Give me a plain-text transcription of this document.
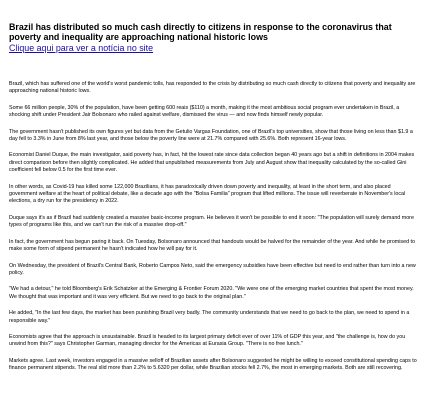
Brazil has distributed so much cash directly to citizens in response to the coronavirus that poverty and inequality are approaching national historic lows
Clique aqui para ver a notícia no site

Brazil, which has suffered one of the world's worst pandemic tolls, has responded to the crisis by distributing so much cash directly to citizens that poverty and inequality are approaching national historic lows.

Some 66 million people, 30% of the population, have been getting 600 reais ($110) a month, making it the most ambitious social program ever undertaken in Brazil, a shocking shift under President Jair Bolsonaro who railed against welfare, dismissed the virus — and now finds himself newly popular.

The government hasn't published its own figures yet but data from the Getulio Vargas Foundation, one of Brazil's top universities, show that those living on less than $1.9 a day fell to 3.3% in June from 8% last year, and those below the poverty line were at 21.7% compared with 25.6%. Both represent 16-year lows.

Economist Daniel Duque, the main investigator, said poverty has, in fact, hit the lowest rate since data collection began 40 years ago but a shift in definitions in 2004 makes direct comparison before then slightly complicated. He added that unpublished measurements from July and August show that inequality calculated by the so-called Gini coefficient fell below 0.5 for the first time ever.

In other words, as Covid-19 has killed some 122,000 Brazilians, it has paradoxically driven down poverty and inequality, at least in the short term, and also placed government welfare at the heart of political debate, like a decade ago with the "Bolsa Familia" program that lifted millions. The issue will reverberate in November's local elections, a dry run for the presidency in 2022.

Duque says it's as if Brazil had suddenly created a massive basic-income program. He believes it won't be possible to end it soon: "The population will surely demand more types of programs like this, and we can't run the risk of a massive drop-off."

In fact, the government has begun paring it back. On Tuesday, Bolsonaro announced that handouts would be halved for the remainder of the year. And while he promised to make some form of stipend permanent he hasn't indicated how he will pay for it.

On Wednesday, the president of Brazil's Central Bank, Roberto Campos Neto, said the emergency subsidies have been effective but need to end rather than turn into a new policy.

"We had a detour," he told Bloomberg's Erik Schatzker at the Emerging & Frontier Forum 2020. "We were one of the emerging market countries that spent the most money. We thought that was important and it was very efficient. But we need to go back to the original plan."

He added, "In the last few days, the market has been punishing Brazil very badly. The community understands that we need to go back to the plan, we need to spend in a responsible way."

Economists agree that the approach is unsustainable. Brazil is headed to its largest primary deficit ever of over 11% of GDP this year, and "the challenge is, how do you unwind from this?" says Christopher Garman, managing director for the Americas at Eurasia Group. "There is no free lunch."

Markets agree. Last week, investors engaged in a massive selloff of Brazilian assets after Bolsonaro suggested he might be willing to exceed constitutional spending caps to finance permanent stipends. The real slid more than 2.2% to 5.6320 per dollar, while Brazilian stocks fell 2.7%, the most in emerging markets. Both are still recovering.
